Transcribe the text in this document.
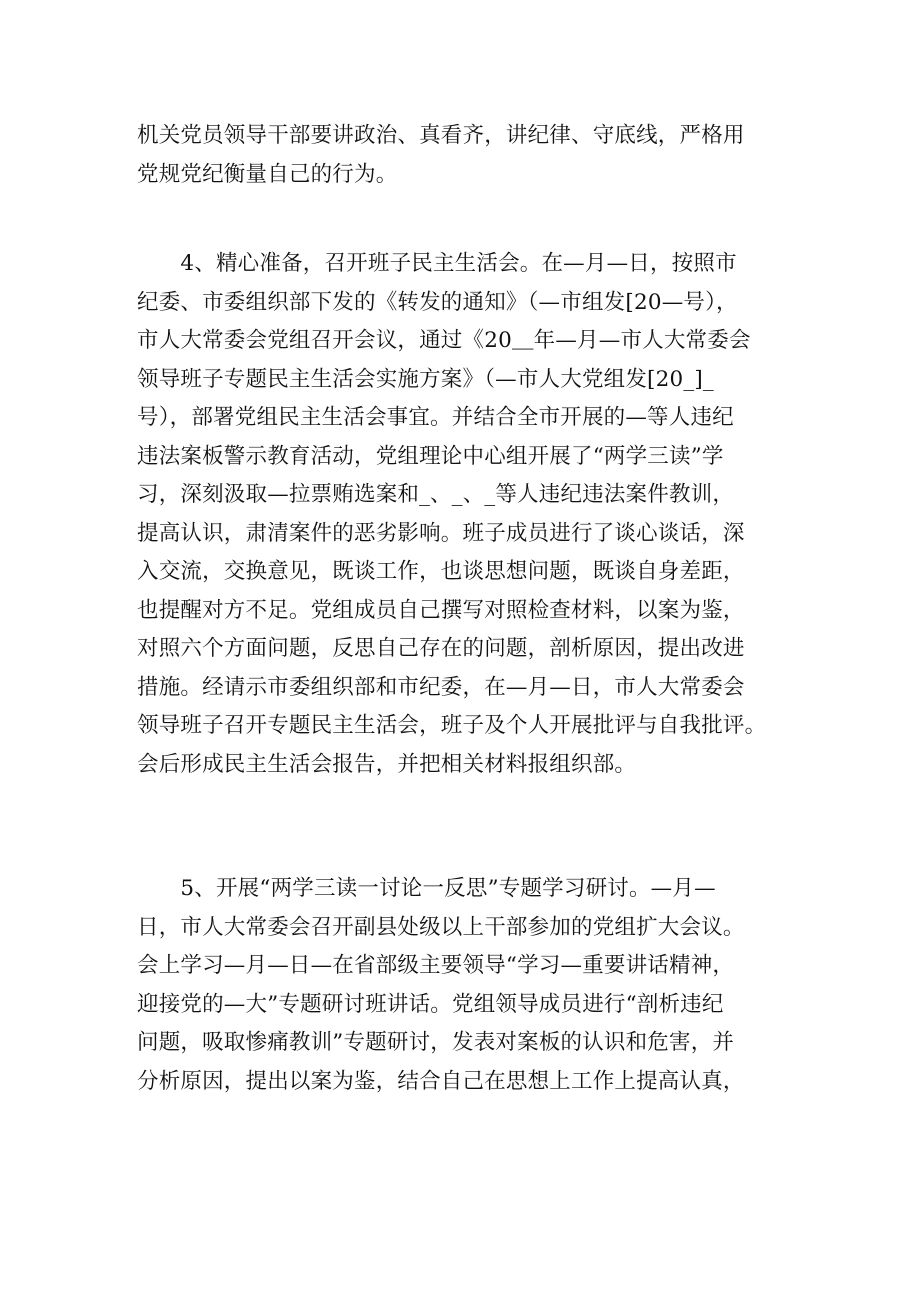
机关党员领导干部要讲政治、真看齐，讲纪律、守底线，严格用
党规党纪衡量自己的行为。

　　4、精心准备，召开班子民主生活会。在—月—日，按照市
纪委、市委组织部下发的《转发的通知》（—市组发[20—号），
市人大常委会党组召开会议，通过《20＿年—月—市人大常委会
领导班子专题民主生活会实施方案》（—市人大党组发[20_]_
号），部署党组民主生活会事宜。并结合全市开展的—等人违纪
违法案板警示教育活动，党组理论中心组开展了“两学三读”学
习，深刻汲取—拉票贿选案和_、_、_等人违纪违法案件教训，
提高认识，肃清案件的恶劣影响。班子成员进行了谈心谈话，深
入交流，交换意见，既谈工作，也谈思想问题，既谈自身差距，
也提醒对方不足。党组成员自己撰写对照检查材料，以案为鉴，
对照六个方面问题，反思自己存在的问题，剖析原因，提出改进
措施。经请示市委组织部和市纪委，在—月—日，市人大常委会
领导班子召开专题民主生活会，班子及个人开展批评与自我批评。
会后形成民主生活会报告，并把相关材料报组织部。

　　5、开展“两学三读一讨论一反思”专题学习研讨。—月—
日，市人大常委会召开副县处级以上干部参加的党组扩大会议。
会上学习—月—日—在省部级主要领导“学习—重要讲话精神，
迎接党的—大”专题研讨班讲话。党组领导成员进行“剖析违纪
问题，吸取惨痛教训”专题研讨，发表对案板的认识和危害，并
分析原因，提出以案为鉴，结合自己在思想上工作上提高认真，
